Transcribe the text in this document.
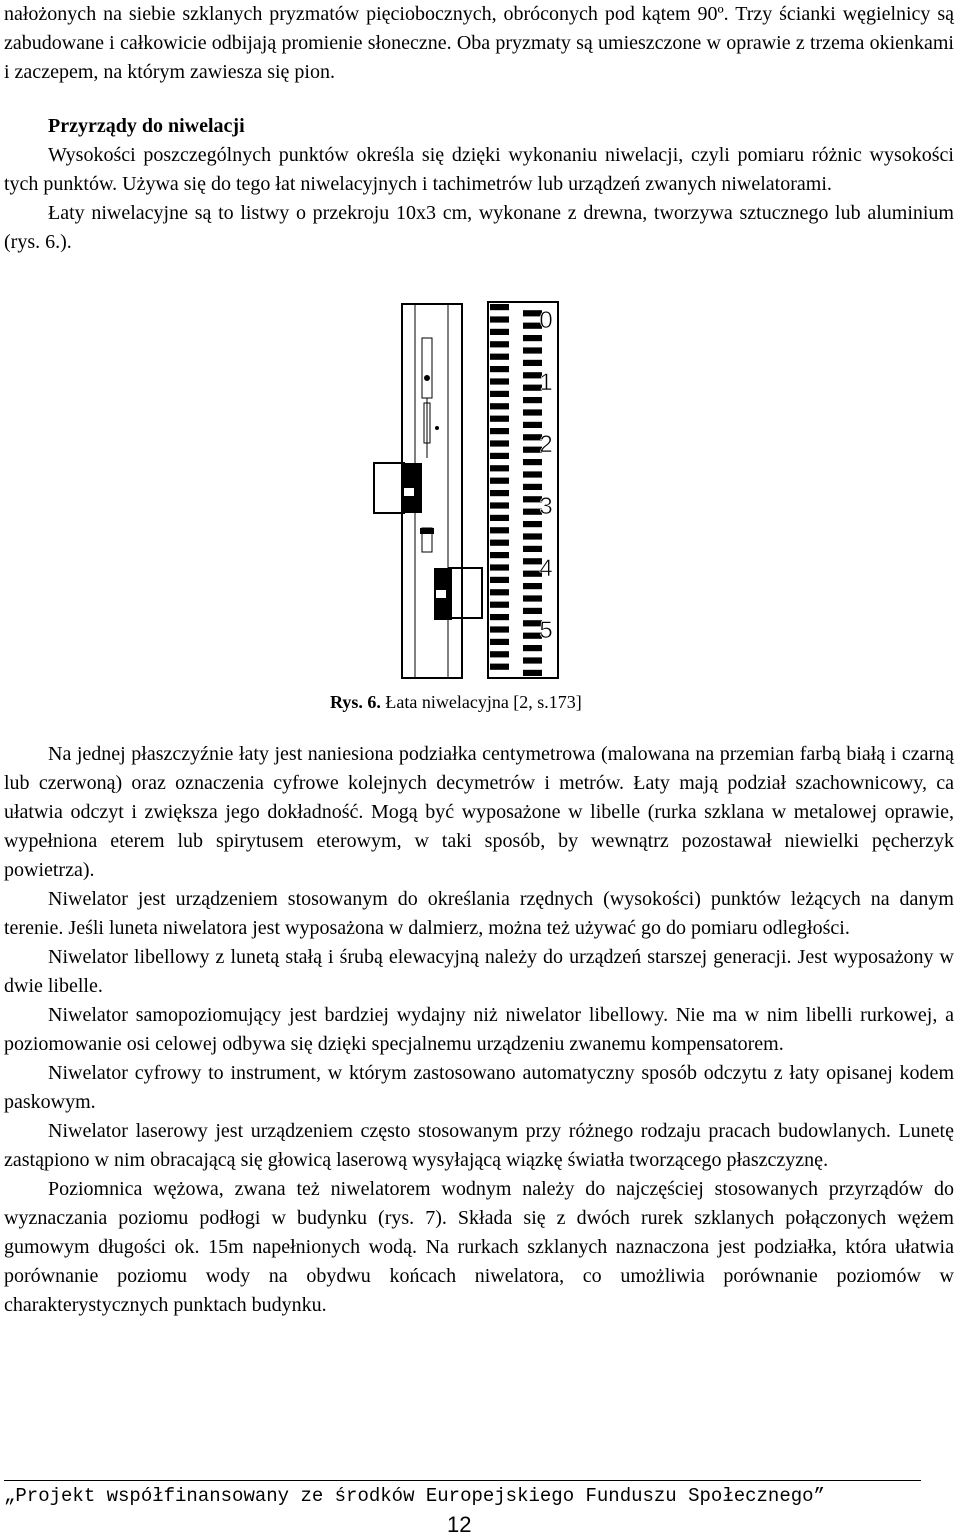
nałożonych na siebie szklanych pryzmatów pięciobocznych, obróconych pod kątem 90º. Trzy ścianki węgielnicy są zabudowane i całkowicie odbijają promienie słoneczne. Oba pryzmaty są umieszczone w oprawie z trzema okienkami i zaczepem, na którym zawiesza się pion.

Przyrządy do niwelacji

Wysokości poszczególnych punktów określa się dzięki wykonaniu niwelacji, czyli pomiaru różnic wysokości tych punktów. Używa się do tego łat niwelacyjnych i tachimetrów lub urządzeń zwanych niwelatorami.

Łaty niwelacyjne są to listwy o przekroju 10x3 cm, wykonane z drewna, tworzywa sztucznego lub aluminium (rys. 6.).

0
1
2
3
4
5
Rys. 6. Łata niwelacyjna [2, s.173]

Na jednej płaszczyźnie łaty jest naniesiona podziałka centymetrowa (malowana na przemian farbą białą i czarną lub czerwoną) oraz oznaczenia cyfrowe kolejnych decymetrów i metrów. Łaty mają podział szachownicowy, ca ułatwia odczyt i zwiększa jego dokładność. Mogą być wyposażone w libelle (rurka szklana w metalowej oprawie, wypełniona eterem lub spirytusem eterowym, w taki sposób, by wewnątrz pozostawał niewielki pęcherzyk powietrza).

Niwelator jest urządzeniem stosowanym do określania rzędnych (wysokości) punktów leżących na danym terenie. Jeśli luneta niwelatora jest wyposażona w dalmierz, można też używać go do pomiaru odległości.

Niwelator libellowy z lunetą stałą i śrubą elewacyjną należy do urządzeń starszej generacji. Jest wyposażony w dwie libelle.

Niwelator samopoziomujący jest bardziej wydajny niż niwelator libellowy. Nie ma w nim libelli rurkowej, a poziomowanie osi celowej odbywa się dzięki specjalnemu urządzeniu zwanemu kompensatorem.

Niwelator cyfrowy to instrument, w którym zastosowano automatyczny sposób odczytu z łaty opisanej kodem paskowym.

Niwelator laserowy jest urządzeniem często stosowanym przy różnego rodzaju pracach budowlanych. Lunetę zastąpiono w nim obracającą się głowicą laserową wysyłającą wiązkę światła tworzącego płaszczyznę.

Poziomnica wężowa, zwana też niwelatorem wodnym należy do najczęściej stosowanych przyrządów do wyznaczania poziomu podłogi w budynku (rys. 7). Składa się z dwóch rurek szklanych połączonych wężem gumowym długości ok. 15m napełnionych wodą. Na rurkach szklanych naznaczona jest podziałka, która ułatwia porównanie poziomu wody na obydwu końcach niwelatora, co umożliwia porównanie poziomów w charakterystycznych punktach budynku.

„Projekt współfinansowany ze środków Europejskiego Funduszu Społecznego”
12
